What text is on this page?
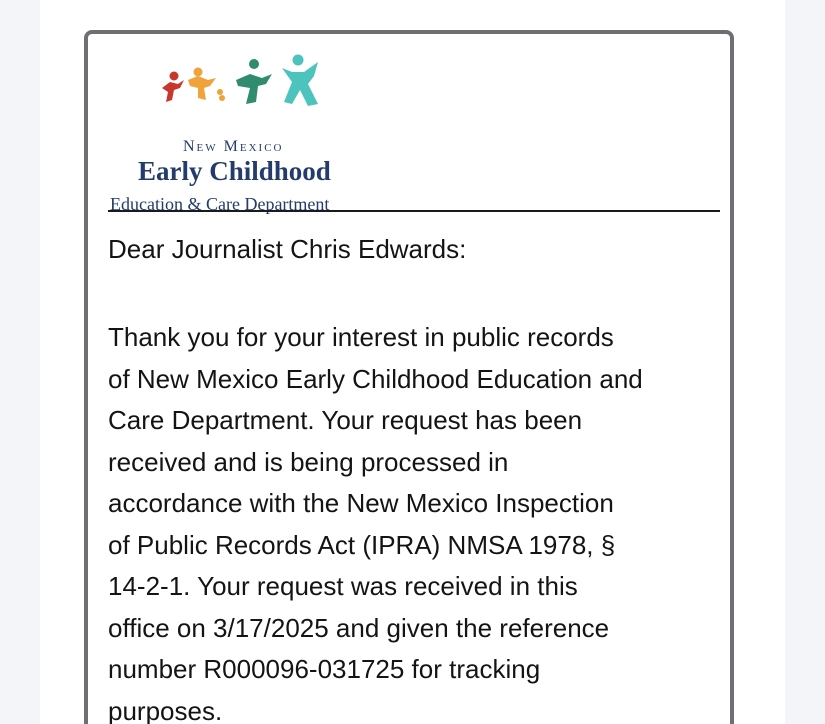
New Mexico
Early Childhood
Education & Care Department
Dear Journalist Chris Edwards:
Thank you for your interest in public records
of New Mexico Early Childhood Education and
Care Department. Your request has been
received and is being processed in
accordance with the New Mexico Inspection
of Public Records Act (IPRA) NMSA 1978, §
14-2-1. Your request was received in this
office on 3/17/2025 and given the reference
number R000096-031725 for tracking
purposes.
